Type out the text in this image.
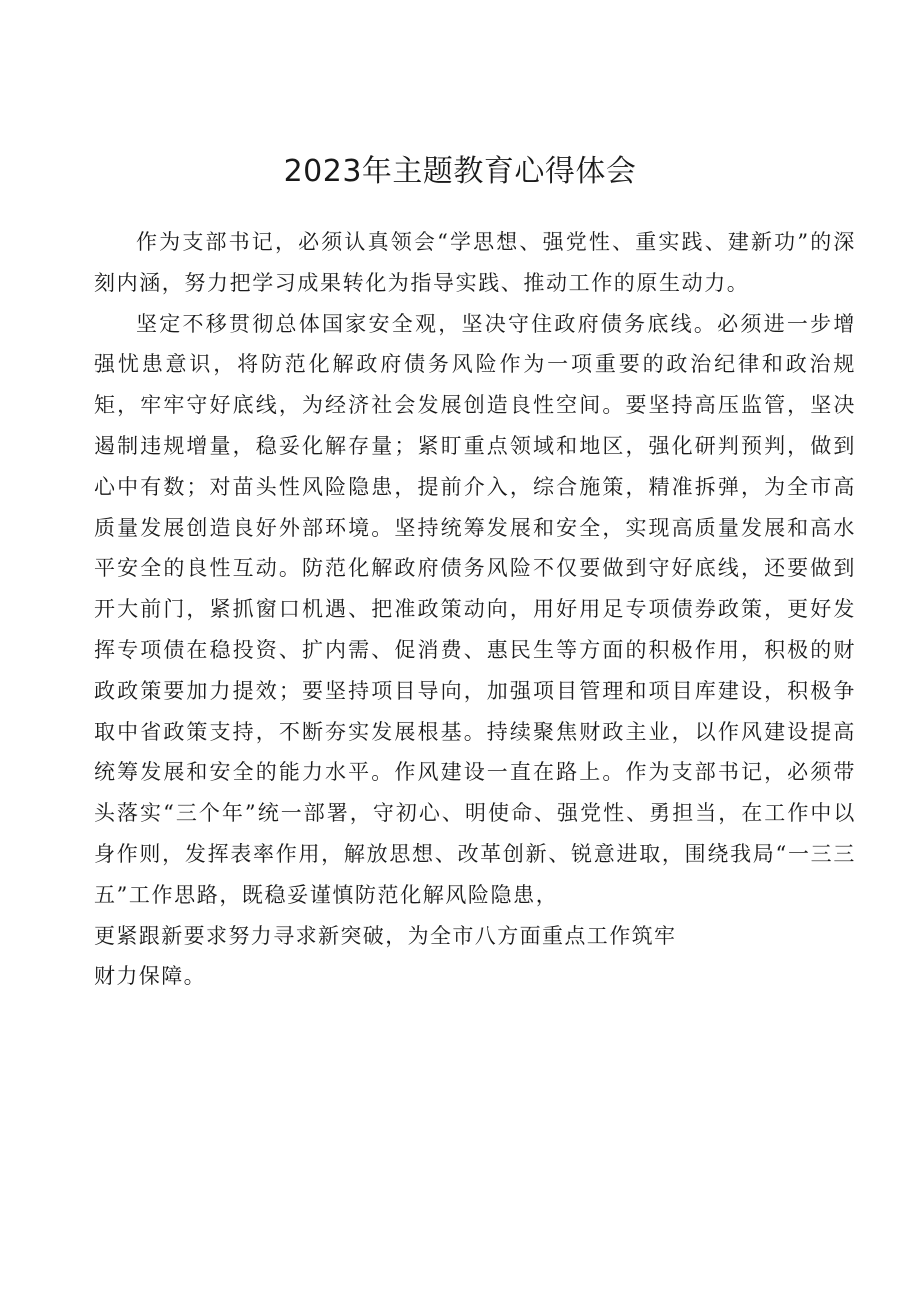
2023年主题教育心得体会

作为支部书记，必须认真领会“学思想、强党性、重实践、建新功”的深刻内涵，努力把学习成果转化为指导实践、推动工作的原生动力。

坚定不移贯彻总体国家安全观，坚决守住政府债务底线。必须进一步增强忧患意识，将防范化解政府债务风险作为一项重要的政治纪律和政治规矩，牢牢守好底线，为经济社会发展创造良性空间。要坚持高压监管，坚决遏制违规增量，稳妥化解存量；紧盯重点领域和地区，强化研判预判，做到心中有数；对苗头性风险隐患，提前介入，综合施策，精准拆弹，为全市高质量发展创造良好外部环境。坚持统筹发展和安全，实现高质量发展和高水平安全的良性互动。防范化解政府债务风险不仅要做到守好底线，还要做到开大前门，紧抓窗口机遇、把准政策动向，用好用足专项债券政策，更好发挥专项债在稳投资、扩内需、促消费、惠民生等方面的积极作用，积极的财政政策要加力提效；要坚持项目导向，加强项目管理和项目库建设，积极争取中省政策支持，不断夯实发展根基。持续聚焦财政主业，以作风建设提高统筹发展和安全的能力水平。作风建设一直在路上。作为支部书记，必须带头落实“三个年”统一部署，守初心、明使命、强党性、勇担当，在工作中以身作则，发挥表率作用，解放思想、改革创新、锐意进取，围绕我局“一三三五”工作思路，既稳妥谨慎防范化解风险隐患，

更紧跟新要求努力寻求新突破，为全市八方面重点工作筑牢
财力保障。
